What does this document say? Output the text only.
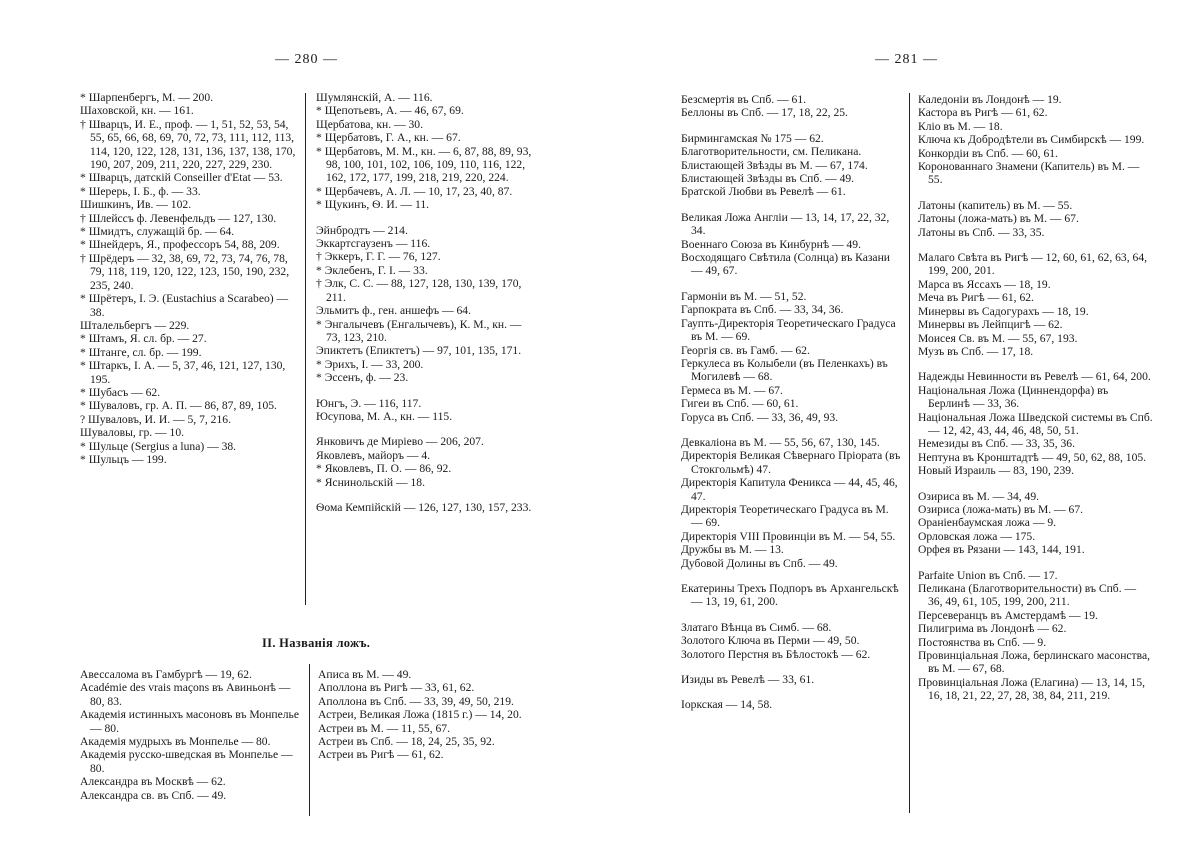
— 280 —
* Шарпенбергъ, М. — 200.
Шаховской, кн. — 161.
† Шварцъ, И. Е., проф. — 1, 51, 52, 53, 54, 55, 65, 66, 68, 69, 70, 72, 73, 111, 112, 113, 114, 120, 122, 128, 131, 136, 137, 138, 170, 190, 207, 209, 211, 220, 227, 229, 230.
* Шварцъ, датскій Conseiller d'Etat — 53.
* Шерерь, І. Б., ф. — 33.
Шишкинъ, Ив. — 102.
† Шлейссъ ф. Левенфельдъ — 127, 130.
* Шмидтъ, служащій бр. — 64.
* Шнейдеръ, Я., профессоръ 54, 88, 209.
† Шрёдеръ — 32, 38, 69, 72, 73, 74, 76, 78, 79, 118, 119, 120, 122, 123, 150, 190, 232, 235, 240.
* Шрётеръ, І. Э. (Eustachius a Scarabeo) — 38.
Шталельбергъ — 229.
* Штамъ, Я. сл. бр. — 27.
* Штанге, сл. бр. — 199.
* Штаркъ, І. А. — 5, 37, 46, 121, 127, 130, 195.
* Шубасъ — 62.
* Шуваловъ, гр. А. П. — 86, 87, 89, 105.
? Шуваловъ, И. И. — 5, 7, 216.
Шуваловы, гр. — 10.
* Шульце (Sergius a luna) — 38.
* Шульцъ — 199.
Шумлянскій, А. — 116.
* Щепотьевъ, А. — 46, 67, 69.
Щербатова, кн. — 30.
* Щербатовъ, Г. А., кн. — 67.
* Щербатовъ, М. М., кн. — 6, 87, 88, 89, 93, 98, 100, 101, 102, 106, 109, 110, 116, 122, 162, 172, 177, 199, 218, 219, 220, 224.
* Щербачевъ, А. Л. — 10, 17, 23, 40, 87.
* Щукинъ, Ѳ. И. — 11.
Эйнбродтъ — 214.
Эккартсгаузенъ — 116.
† Эккеръ, Г. Г. — 76, 127.
* Эклебенъ, Г. І. — 33.
† Элк, С. С. — 88, 127, 128, 130, 139, 170, 211.
Эльмитъ ф., ген. аншефъ — 64.
* Энгалычевъ (Енгалычевъ), К. М., кн. — 73, 123, 210.
Эпиктетъ (Епиктетъ) — 97, 101, 135, 171.
* Эрихъ, І. — 33, 200.
* Эссенъ, ф. — 23.
Юнгъ, Э. — 116, 117.
Юсупова, М. А., кн. — 115.
Янковичъ де Миріево — 206, 207.
Яковлевъ, майоръ — 4.
* Яковлевъ, П. О. — 86, 92.
* Яснинольскій — 18.
Ѳома Кемпійскій — 126, 127, 130, 157, 233.
II. Названія ложъ.
Авессалома въ Гамбургѣ — 19, 62.
Académie des vrais maçons въ Авиньонѣ — 80, 83.
Академія истинныхъ масоновъ въ Монпелье — 80.
Академія мудрыхъ въ Монпелье — 80.
Академія русско-шведская въ Монпелье — 80.
Александра въ Москвѣ — 62.
Александра св. въ Спб. — 49.
Аписа въ М. — 49.
Аполлона въ Ригѣ — 33, 61, 62.
Аполлона въ Спб. — 33, 39, 49, 50, 219.
Астреи, Великая Ложа (1815 г.) — 14, 20.
Астреи въ М. — 11, 55, 67.
Астреи въ Спб. — 18, 24, 25, 35, 92.
Астреи въ Ригѣ — 61, 62.
— 281 —
Безсмертія въ Спб. — 61.
Беллоны въ Спб. — 17, 18, 22, 25.
Бирмингамская № 175 — 62.
Благотворительности, см. Пеликана.
Блистающей Звѣзды въ М. — 67, 174.
Блистающей Звѣзды въ Спб. — 49.
Братской Любви въ Ревелѣ — 61.
Великая Ложа Англіи — 13, 14, 17, 22, 32, 34.
Военнаго Союза въ Кинбурнѣ — 49.
Восходящаго Свѣтила (Солнца) въ Казани — 49, 67.
Гармоніи въ М. — 51, 52.
Гарпократа въ Спб. — 33, 34, 36.
Гаупть-Директорія Теоретическаго Градуса въ М. — 69.
Георгія св. въ Гамб. — 62.
Геркулеса въ Колыбели (въ Пеленкахъ) въ Могилевѣ — 68.
Гермеса въ М. — 67.
Гигеи въ Спб. — 60, 61.
Горуса въ Спб. — 33, 36, 49, 93.
Девкаліона въ М. — 55, 56, 67, 130, 145.
Директорія Великая Сѣвернаго Пріората (въ Стокгольмѣ) 47.
Директорія Капитула Феникса — 44, 45, 46, 47.
Директорія Теоретическаго Градуса въ М. — 69.
Директорія VIII Провинціи въ М. — 54, 55.
Дружбы въ М. — 13.
Дубовой Долины въ Спб. — 49.
Екатерины Трехъ Подпоръ въ Архангельскѣ — 13, 19, 61, 200.
Златаго Вѣнца въ Симб. — 68.
Золотого Ключа въ Перми — 49, 50.
Золотого Перстня въ Бѣлостокѣ — 62.
Изиды въ Ревелѣ — 33, 61.
Іоркская — 14, 58.
Каледоніи въ Лондонѣ — 19.
Кастора въ Ригѣ — 61, 62.
Кліо въ М. — 18.
Ключа къ Добродѣтели въ Симбирскѣ — 199.
Конкордіи въ Спб. — 60, 61.
Коронованнаго Знамени (Капитель) въ М. — 55.
Латоны (капитель) въ М. — 55.
Латоны (ложа-мать) въ М. — 67.
Латоны въ Спб. — 33, 35.
Малаго Свѣта въ Ригѣ — 12, 60, 61, 62, 63, 64, 199, 200, 201.
Марса въ Яссахъ — 18, 19.
Меча въ Ригѣ — 61, 62.
Минервы въ Садогурахъ — 18, 19.
Минервы въ Лейпцигѣ — 62.
Моисея Св. въ М. — 55, 67, 193.
Музъ въ Спб. — 17, 18.
Надежды Невинности въ Ревелѣ — 61, 64, 200.
Національная Ложа (Циннендорфа) въ Берлинѣ — 33, 36.
Національная Ложа Шведской системы въ Спб. — 12, 42, 43, 44, 46, 48, 50, 51.
Немезиды въ Спб. — 33, 35, 36.
Нептуна въ Кронштадтѣ — 49, 50, 62, 88, 105.
Новый Израиль — 83, 190, 239.
Озириса въ М. — 34, 49.
Озириса (ложа-мать) въ М. — 67.
Ораніенбаумская ложа — 9.
Орловская ложа — 175.
Орфея въ Рязани — 143, 144, 191.
Parfaite Union въ Спб. — 17.
Пеликана (Благотворительности) въ Спб. — 36, 49, 61, 105, 199, 200, 211.
Персеверанцъ въ Амстердамѣ — 19.
Пилигрима въ Лондонѣ — 62.
Постоянства въ Спб. — 9.
Провинціальная Ложа, берлинскаго масонства, въ М. — 67, 68.
Провинціальная Ложа (Елагина) — 13, 14, 15, 16, 18, 21, 22, 27, 28, 38, 84, 211, 219.
